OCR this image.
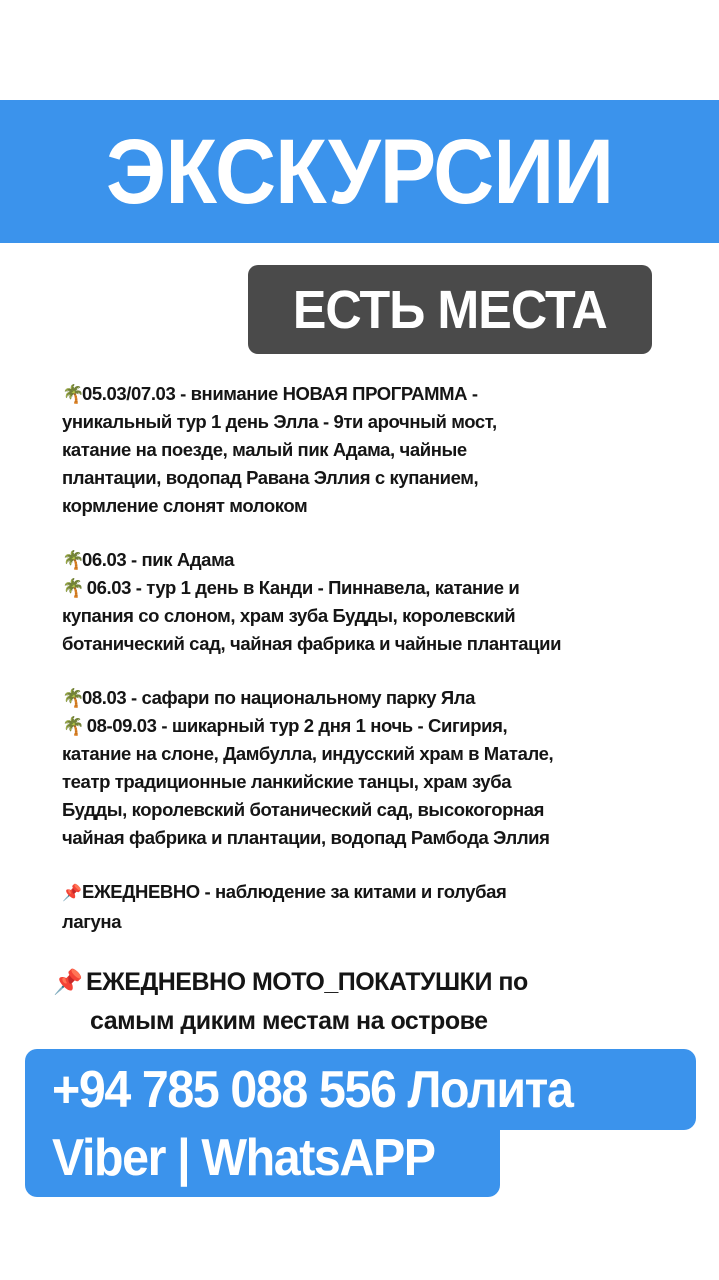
ЭКСКУРСИИ
ЕСТЬ МЕСТА

🌴05.03/07.03 - внимание НОВАЯ ПРОГРАММА -
уникальный тур 1 день Элла - 9ти арочный мост,
катание на поезде, малый пик Адама, чайные
плантации, водопад Равана Эллия с купанием,
кормление слонят молоком

🌴06.03 - пик Адама
🌴 06.03 - тур 1 день в Канди - Пиннавела, катание и
купания со слоном, храм зуба Будды, королевский
ботанический сад, чайная фабрика и чайные плантации

🌴08.03 - сафари по национальному парку Яла
🌴 08-09.03 - шикарный тур 2 дня 1 ночь - Сигирия,
катание на слоне, Дамбулла, индусский храм в Матале,
театр традиционные ланкийские танцы, храм зуба
Будды, королевский ботанический сад, высокогорная
чайная фабрика и плантации, водопад Рамбода Эллия

📌ЕЖЕДНЕВНО - наблюдение за китами и голубая
лагуна

📌 ЕЖЕДНЕВНО МОТО_ПОКАТУШКИ по
самым диким местам на острове
+94 785 088 556 Лолита
Viber | WhatsAPP
